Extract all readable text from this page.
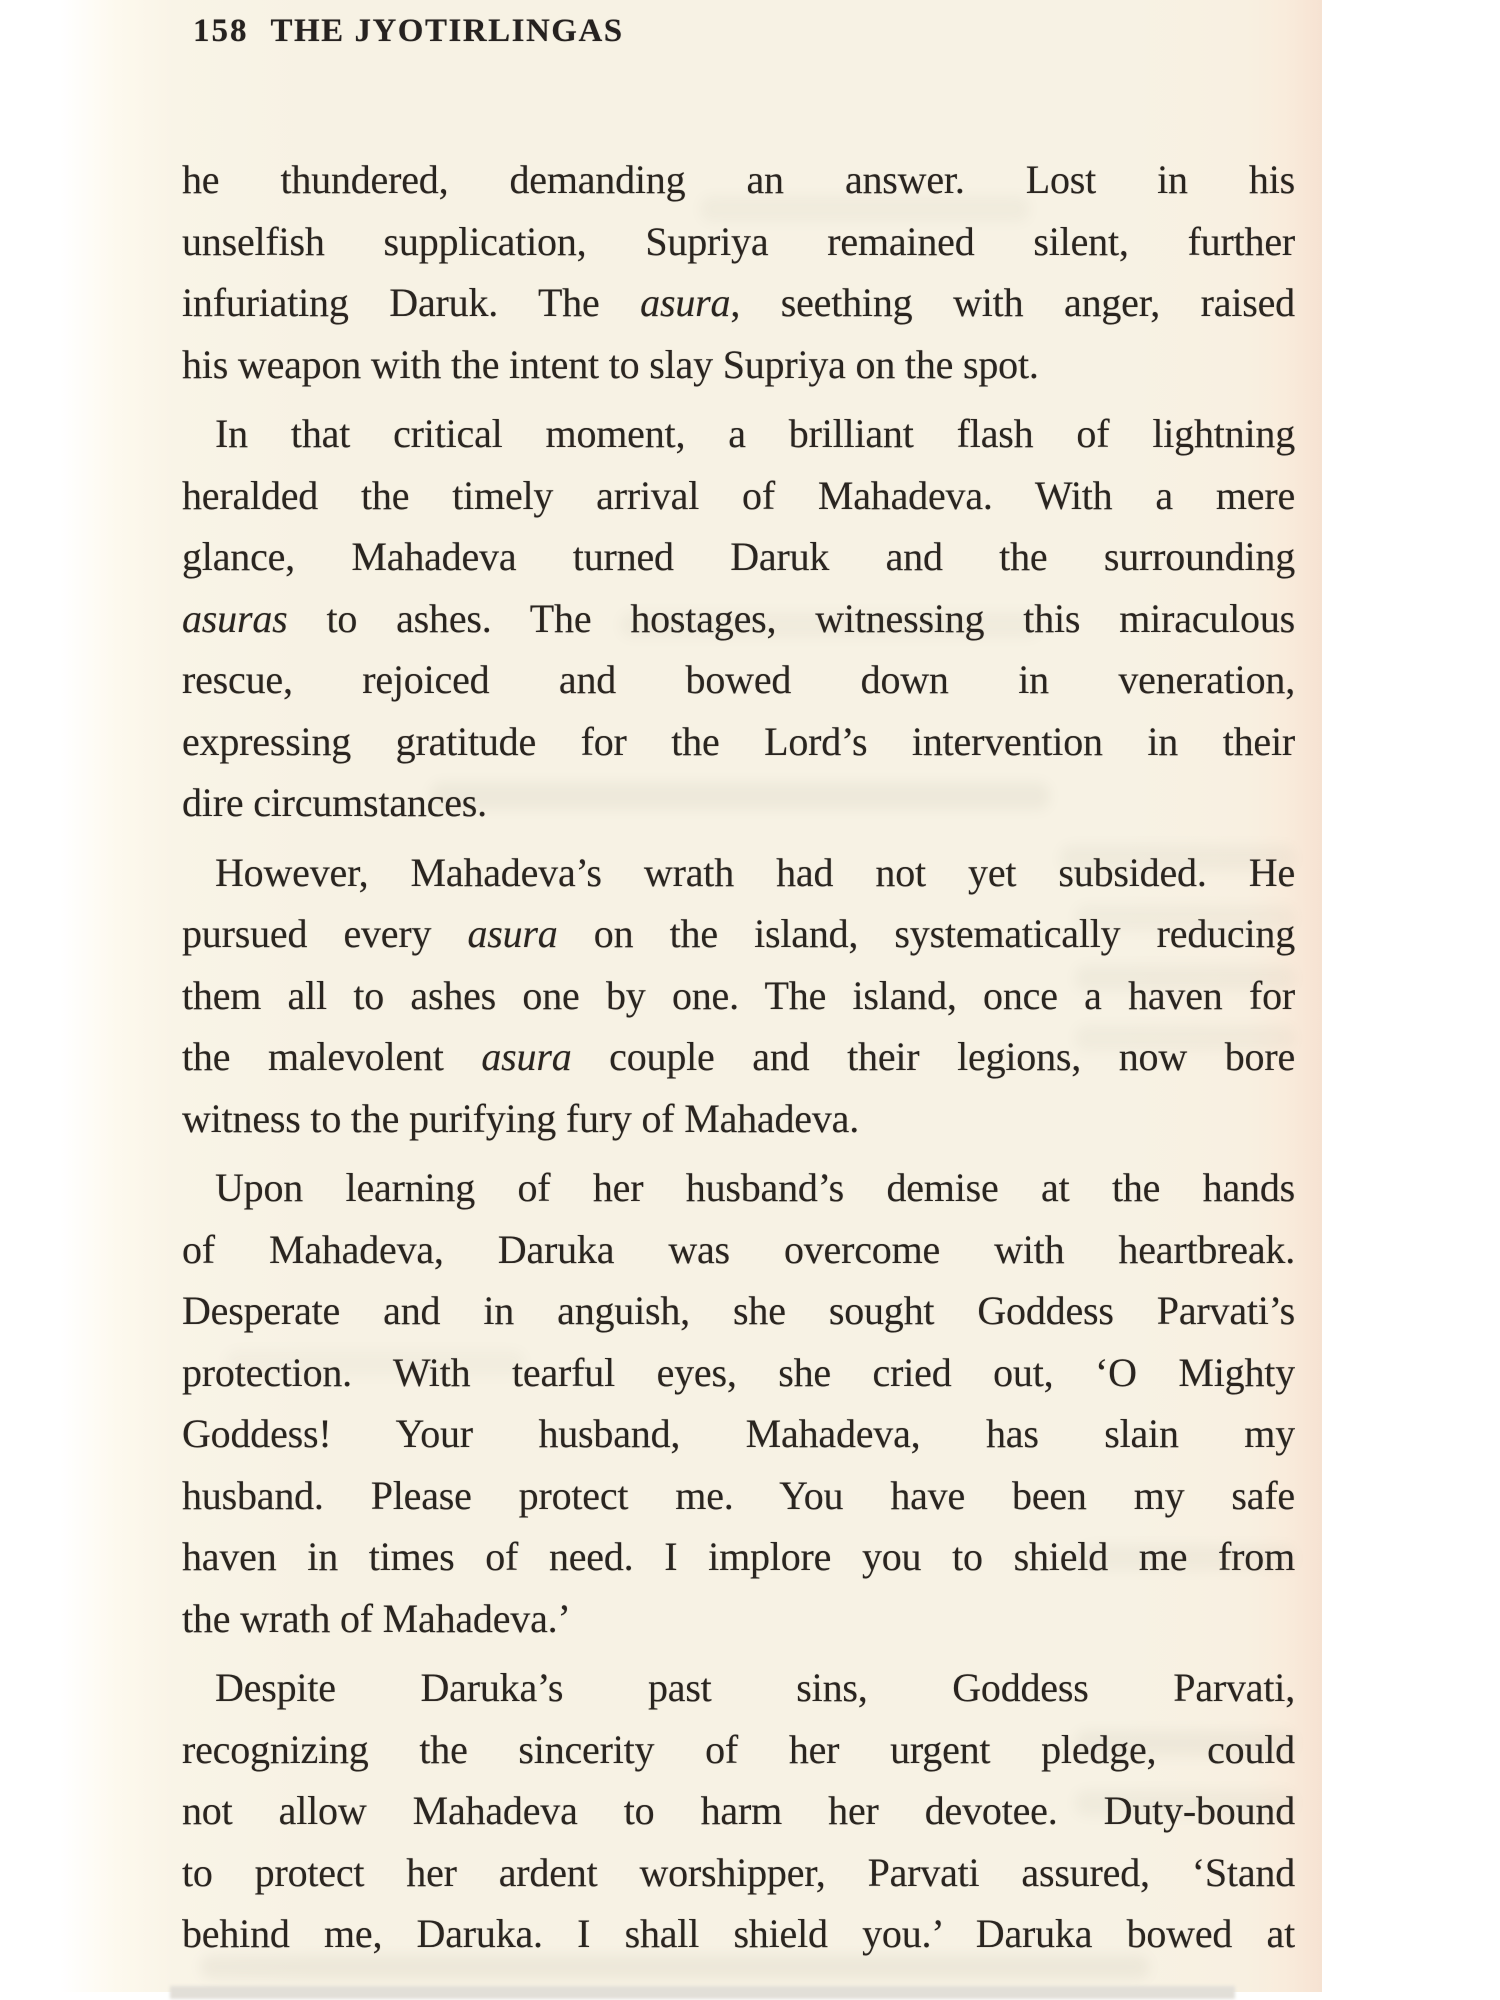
158 THE JYOTIRLINGAS
he thundered, demanding an answer. Lost in his
unselfish supplication, Supriya remained silent, further
infuriating Daruk. The asura, seething with anger, raised
his weapon with the intent to slay Supriya on the spot.
In that critical moment, a brilliant flash of lightning
heralded the timely arrival of Mahadeva. With a mere
glance, Mahadeva turned Daruk and the surrounding
asuras to ashes. The hostages, witnessing this miraculous
rescue, rejoiced and bowed down in veneration,
expressing gratitude for the Lord’s intervention in their
dire circumstances.
However, Mahadeva’s wrath had not yet subsided. He
pursued every asura on the island, systematically reducing
them all to ashes one by one. The island, once a haven for
the malevolent asura couple and their legions, now bore
witness to the purifying fury of Mahadeva.
Upon learning of her husband’s demise at the hands
of Mahadeva, Daruka was overcome with heartbreak.
Desperate and in anguish, she sought Goddess Parvati’s
protection. With tearful eyes, she cried out, ‘O Mighty
Goddess! Your husband, Mahadeva, has slain my
husband. Please protect me. You have been my safe
haven in times of need. I implore you to shield me from
the wrath of Mahadeva.’
Despite Daruka’s past sins, Goddess Parvati,
recognizing the sincerity of her urgent pledge, could
not allow Mahadeva to harm her devotee. Duty-bound
to protect her ardent worshipper, Parvati assured, ‘Stand
behind me, Daruka. I shall shield you.’ Daruka bowed at
